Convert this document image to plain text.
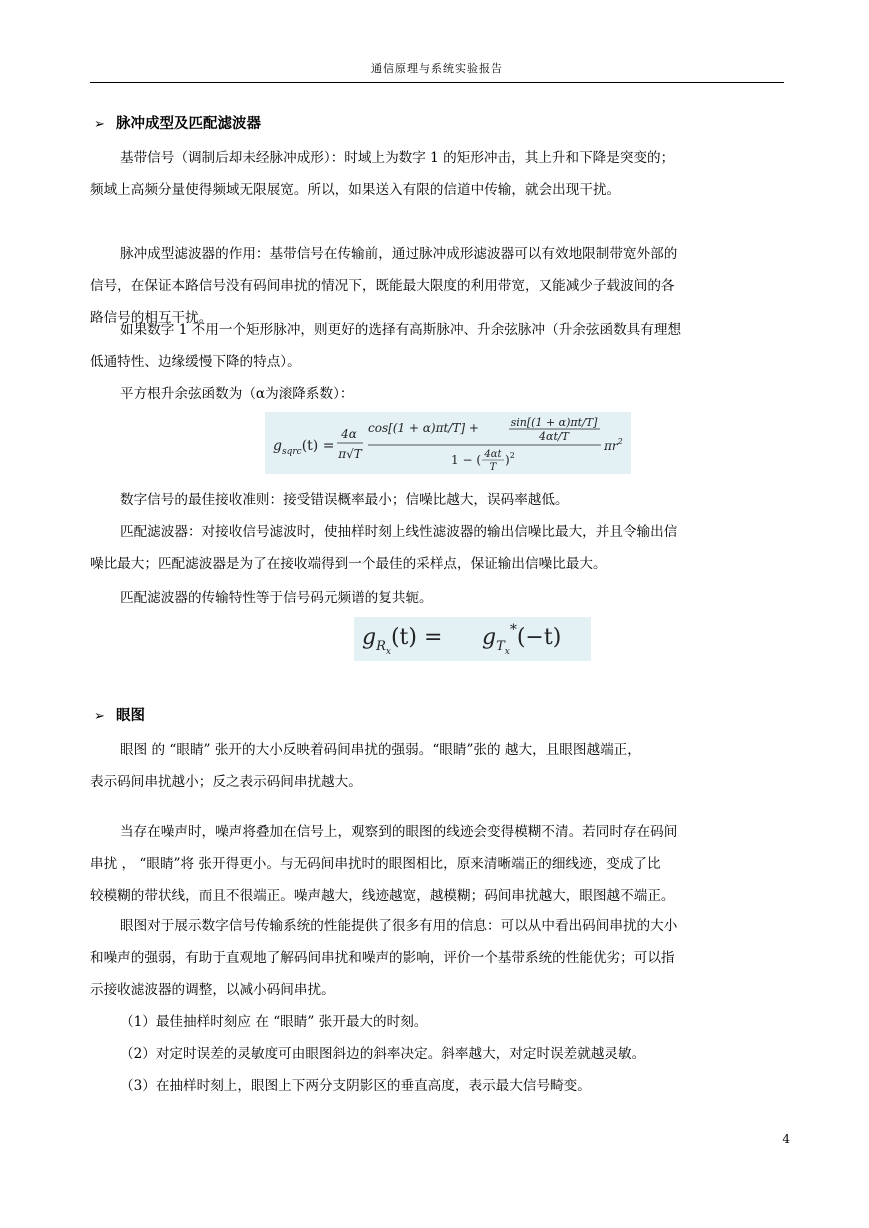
通信原理与系统实验报告
➢ 脉冲成型及匹配滤波器
基带信号（调制后却未经脉冲成形）：时域上为数字 1 的矩形冲击，其上升和下降是突变的；
频域上高频分量使得频域无限展宽。所以，如果送入有限的信道中传输，就会出现干扰。
脉冲成型滤波器的作用：基带信号在传输前，通过脉冲成形滤波器可以有效地限制带宽外部的
信号，在保证本路信号没有码间串扰的情况下，既能最大限度的利用带宽，又能减少子载波间的各
路信号的相互干扰。
如果数字 1 不用一个矩形脉冲，则更好的选择有高斯脉冲、升余弦脉冲（升余弦函数具有理想
低通特性、边缘缓慢下降的特点）。
平方根升余弦函数为（α为滚降系数）：
$g_{sqrc}(t)$ =
4α
π√T
cos[(1 + α)πt/T] +	sin[(1 + α)πt/T]
4αt/T
1 − ( 4αt
T
)$^2$
$\pi r^2$
数字信号的最佳接收准则：接受错误概率最小；信噪比越大，误码率越低。
匹配滤波器：对接收信号滤波时，使抽样时刻上线性滤波器的输出信噪比最大，并且令输出信
噪比最大；匹配滤波器是为了在接收端得到一个最佳的采样点，保证输出信噪比最大。
匹配滤波器的传输特性等于信号码元频谱的复共轭。
$g_Rx(t) = g_Tx^*(-t)$
➢ 眼图
眼图 的 “眼睛” 张开的大小反映着码间串扰的强弱。“眼睛”张的 越大，且眼图越端正，
表示码间串扰越小；反之表示码间串扰越大。
当存在噪声时，噪声将叠加在信号上，观察到的眼图的线迹会变得模糊不清。若同时存在码间
串扰 ， “眼睛”将 张开得更小。与无码间串扰时的眼图相比，原来清晰端正的细线迹，变成了比
较模糊的带状线，而且不很端正。噪声越大，线迹越宽，越模糊；码间串扰越大，眼图越不端正。
眼图对于展示数字信号传输系统的性能提供了很多有用的信息：可以从中看出码间串扰的大小
和噪声的强弱，有助于直观地了解码间串扰和噪声的影响，评价一个基带系统的性能优劣；可以指
示接收滤波器的调整，以减小码间串扰。
（1）最佳抽样时刻应 在 “眼睛” 张开最大的时刻。
（2）对定时误差的灵敏度可由眼图斜边的斜率决定。斜率越大，对定时误差就越灵敏。
（3）在抽样时刻上，眼图上下两分支阴影区的垂直高度，表示最大信号畸变。
4
